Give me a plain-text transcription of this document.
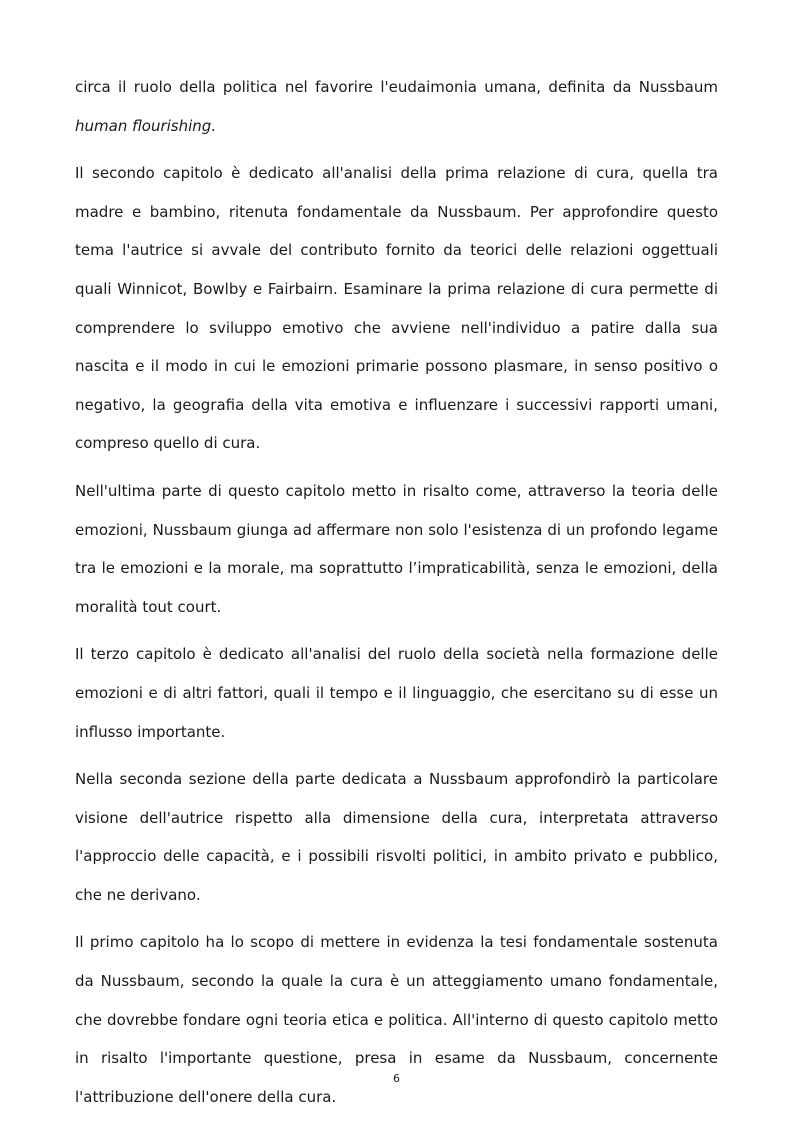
circa il ruolo della politica nel favorire l'eudaimonia umana, definita da Nussbaum human flourishing.

Il secondo capitolo è dedicato all'analisi della prima relazione di cura, quella tra madre e bambino, ritenuta fondamentale da Nussbaum. Per approfondire questo tema l'autrice si avvale del contributo fornito da teorici delle relazioni oggettuali quali Winnicot, Bowlby e Fairbairn. Esaminare la prima relazione di cura permette di comprendere lo sviluppo emotivo che avviene nell'individuo a patire dalla sua nascita e il modo in cui le emozioni primarie possono plasmare, in senso positivo o negativo, la geografia della vita emotiva e influenzare i successivi rapporti umani, compreso quello di cura.

Nell'ultima parte di questo capitolo metto in risalto come, attraverso la teoria delle emozioni, Nussbaum giunga ad affermare non solo l'esistenza di un profondo legame tra le emozioni e la morale, ma soprattutto l’impraticabilità, senza le emozioni, della moralità tout court.

Il terzo capitolo è dedicato all'analisi del ruolo della società nella formazione delle emozioni e di altri fattori, quali il tempo e il linguaggio, che esercitano su di esse un influsso importante.

Nella seconda sezione della parte dedicata a Nussbaum approfondirò la particolare visione dell'autrice rispetto alla dimensione della cura, interpretata attraverso l'approccio delle capacità, e i possibili risvolti politici, in ambito privato e pubblico, che ne derivano.

Il primo capitolo ha lo scopo di mettere in evidenza la tesi fondamentale sostenuta da Nussbaum, secondo la quale la cura è un atteggiamento umano fondamentale, che dovrebbe fondare ogni teoria etica e politica. All'interno di questo capitolo metto in risalto l'importante questione, presa in esame da Nussbaum, concernente l'attribuzione dell'onere della cura.

6
